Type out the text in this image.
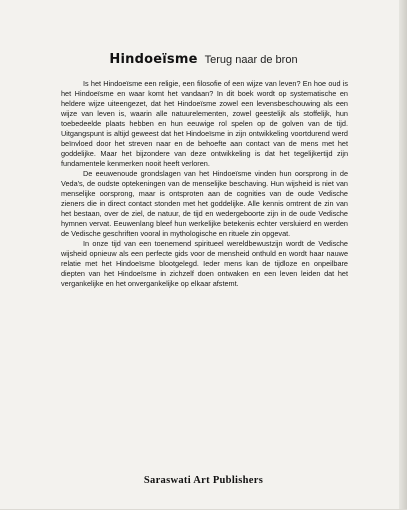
Hindoeïsme Terug naar de bron

Is het Hindoeïsme een religie, een filosofie of een wijze van leven? En hoe oud is het Hindoeïsme en waar komt het vandaan? In dit boek wordt op systematische en heldere wijze uiteengezet, dat het Hindoeïsme zowel een levensbeschouwing als een wijze van leven is, waarin alle natuurelementen, zowel geestelijk als stoffelijk, hun toebedeelde plaats hebben en hun eeuwige rol spelen op de golven van de tijd. Uitgangspunt is altijd geweest dat het Hindoeïsme in zijn ontwikkeling voortdurend werd beïnvloed door het streven naar en de behoefte aan contact van de mens met het goddelijke. Maar het bijzondere van deze ontwikkeling is dat het tegelijkertijd zijn fundamentele kenmerken nooit heeft verloren.

De eeuwenoude grondslagen van het Hindoeïsme vinden hun oorsprong in de Veda's, de oudste optekeningen van de menselijke beschaving. Hun wijsheid is niet van menselijke oorsprong, maar is ontsproten aan de cognities van de oude Vedische zieners die in direct contact stonden met het goddelijke. Alle kennis omtrent de zin van het bestaan, over de ziel, de natuur, de tijd en wedergeboorte zijn in de oude Vedische hymnen vervat. Eeuwenlang bleef hun werkelijke betekenis echter versluierd en werden de Vedische geschriften vooral in mythologische en rituele zin opgevat.

In onze tijd van een toenemend spiritueel wereldbewustzijn wordt de Vedische wijsheid opnieuw als een perfecte gids voor de mensheid onthuld en wordt haar nauwe relatie met het Hindoeïsme blootgelegd. Ieder mens kan de tijdloze en onpeilbare diepten van het Hindoeïsme in zichzelf doen ontwaken en een leven leiden dat het vergankelijke en het onvergankelijke op elkaar afstemt.

Saraswati Art Publishers
